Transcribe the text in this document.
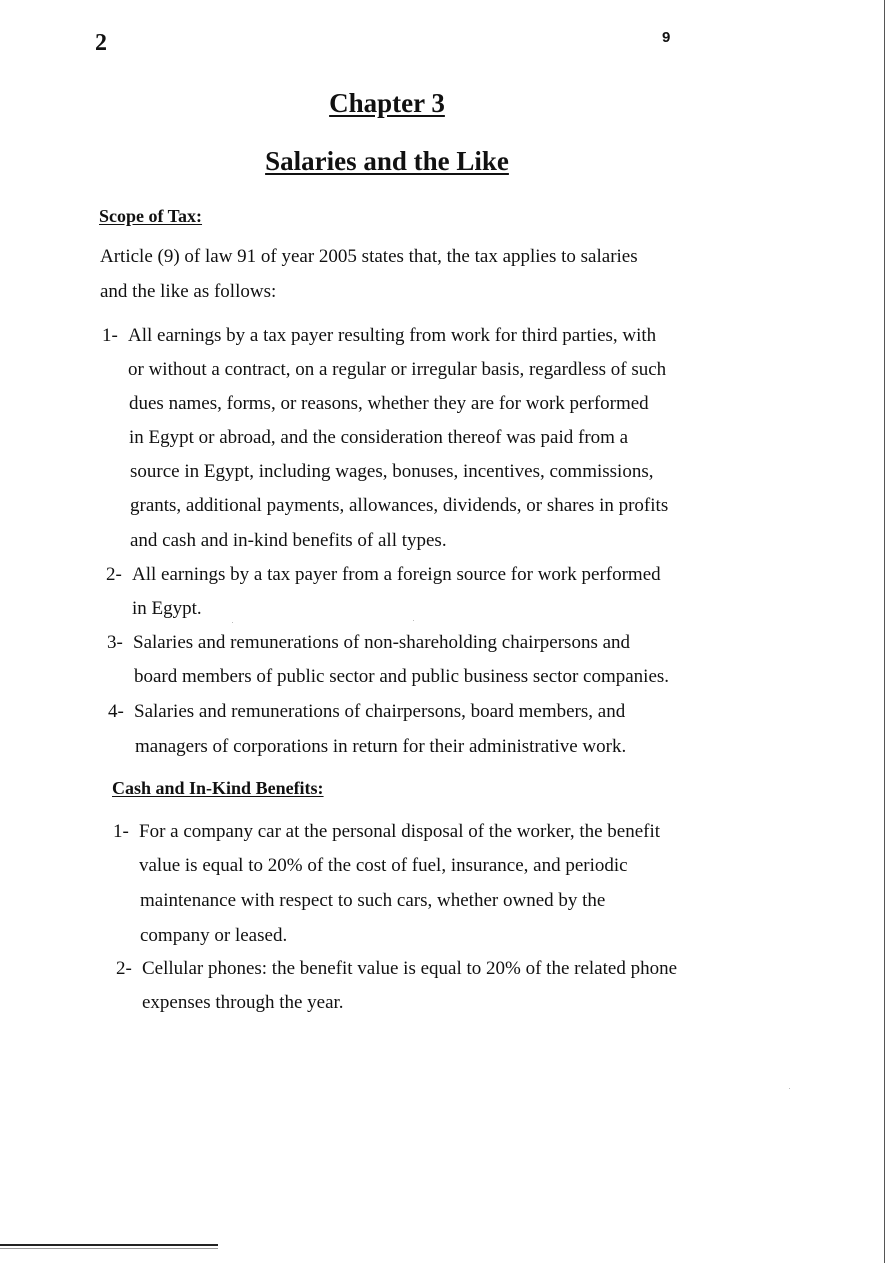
2	9
Chapter 3
Salaries and the Like
Scope of Tax:
Article (9) of law 91 of year 2005 states that, the tax applies to salaries
and the like as follows:
1- All earnings by a tax payer resulting from work for third parties, with
or without a contract, on a regular or irregular basis, regardless of such
dues names, forms, or reasons, whether they are for work performed
in Egypt or abroad, and the consideration thereof was paid from a
source in Egypt, including wages, bonuses, incentives, commissions,
grants, additional payments, allowances, dividends, or shares in profits
and cash and in-kind benefits of all types.
2- All earnings by a tax payer from a foreign source for work performed
in Egypt.
3- Salaries and remunerations of non-shareholding chairpersons and
board members of public sector and public business sector companies.
4- Salaries and remunerations of chairpersons, board members, and
managers of corporations in return for their administrative work.
Cash and In-Kind Benefits:
1- For a company car at the personal disposal of the worker, the benefit
value is equal to 20% of the cost of fuel, insurance, and periodic
maintenance with respect to such cars, whether owned by the
company or leased.
2- Cellular phones: the benefit value is equal to 20% of the related phone
expenses through the year.
